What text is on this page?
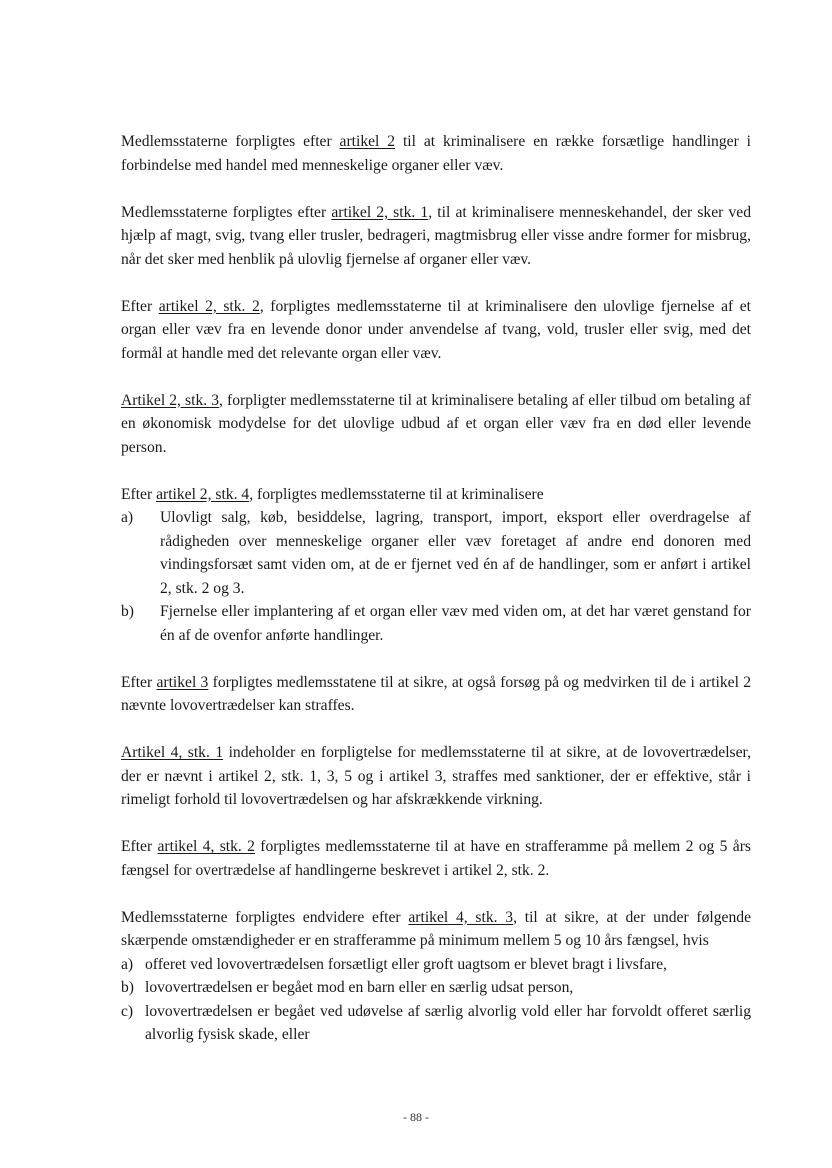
Medlemsstaterne forpligtes efter artikel 2 til at kriminalisere en række forsætlige handlinger i forbindelse med handel med menneskelige organer eller væv.

Medlemsstaterne forpligtes efter artikel 2, stk. 1, til at kriminalisere menneskehandel, der sker ved hjælp af magt, svig, tvang eller trusler, bedrageri, magtmisbrug eller visse andre former for misbrug, når det sker med henblik på ulovlig fjernelse af organer eller væv.

Efter artikel 2, stk. 2, forpligtes medlemsstaterne til at kriminalisere den ulovlige fjernelse af et organ eller væv fra en levende donor under anvendelse af tvang, vold, trusler eller svig, med det formål at handle med det relevante organ eller væv.

Artikel 2, stk. 3, forpligter medlemsstaterne til at kriminalisere betaling af eller tilbud om betaling af en økonomisk modydelse for det ulovlige udbud af et organ eller væv fra en død eller levende person.

Efter artikel 2, stk. 4, forpligtes medlemsstaterne til at kriminalisere
a)	Ulovligt salg, køb, besiddelse, lagring, transport, import, eksport eller overdragelse af rådigheden over menneskelige organer eller væv foretaget af andre end donoren med vindingsforsæt samt viden om, at de er fjernet ved én af de handlinger, som er anført i artikel 2, stk. 2 og 3.
b)	Fjernelse eller implantering af et organ eller væv med viden om, at det har været genstand for én af de ovenfor anførte handlinger.

Efter artikel 3 forpligtes medlemsstatene til at sikre, at også forsøg på og medvirken til de i artikel 2 nævnte lovovertrædelser kan straffes.

Artikel 4, stk. 1 indeholder en forpligtelse for medlemsstaterne til at sikre, at de lovovertrædelser, der er nævnt i artikel 2, stk. 1, 3, 5 og i artikel 3, straffes med sanktioner, der er effektive, står i rimeligt forhold til lovovertrædelsen og har afskrækkende virkning.

Efter artikel 4, stk. 2 forpligtes medlemsstaterne til at have en strafferamme på mellem 2 og 5 års fængsel for overtrædelse af handlingerne beskrevet i artikel 2, stk. 2.

Medlemsstaterne forpligtes endvidere efter artikel 4, stk. 3, til at sikre, at der under følgende skærpende omstændigheder er en strafferamme på minimum mellem 5 og 10 års fængsel, hvis
a) offeret ved lovovertrædelsen forsætligt eller groft uagtsom er blevet bragt i livsfare,
b) lovovertrædelsen er begået mod en barn eller en særlig udsat person,
c) lovovertrædelsen er begået ved udøvelse af særlig alvorlig vold eller har forvoldt offeret særlig alvorlig fysisk skade, eller
- 88 -
